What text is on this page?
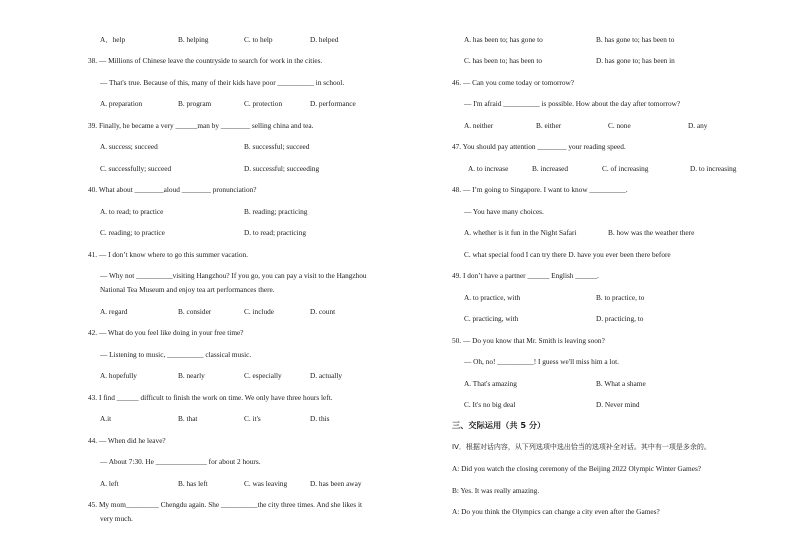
A．help	B. helping	C. to help	D. helped
38. — Millions of Chinese leave the countryside to search for work in the cities.
— That's true. Because of this, many of their kids have poor __________ in school.
A. preparation	B. program	C. protection	D. performance
39. Finally, he became a very ______man by ________ selling china and tea.
A. success; succeed	B. successful; succeed
C. successfully; succeed	D. successful; succeeding
40. What about ________aloud ________ pronunciation?
A. to read; to practice	B. reading; practicing
C. reading; to practice	D. to read; practicing
41. — I don’t know where to go this summer vacation.
— Why not __________visiting Hangzhou? If you go, you can pay a visit to the Hangzhou
National Tea Museum and enjoy tea art performances there.
A. regard	B. consider	C. include	D. count
42. — What do you feel like doing in your free time?
— Listening to music, __________ classical music.
A. hopefully	B. nearly	C. especially	D. actually
43. I find ______ difficult to finish the work on time. We only have three hours left.
A.it	B. that	C. it's	D. this
44. — When did he leave?
— About 7:30. He ______________ for about 2 hours.
A. left	B. has left	C. was leaving	D. has been away
45. My mom_________ Chengdu again. She __________the city three times. And she likes it
very much.
A. has been to; has gone to	B. has gone to; has been to
C. has been to; has been to	D. has gone to; has been in
46. — Can you come today or tomorrow?
— I'm afraid __________ is possible. How about the day after tomorrow?
A. neither	B. either	C. none	D. any
47. You should pay attention ________ your reading speed.
A. to increase	B. increased	C. of increasing	D. to increasing
48. — I’m going to Singapore. I want to know __________.
— You have many choices.
A. whether is it fun in the Night Safari	B. how was the weather there
C. what special food I can try there D. have you ever been there before
49. I don’t have a partner ______ English ______.
A. to practice, with	B. to practice, to
C. practicing, with	D. practicing, to
50. — Do you know that Mr. Smith is leaving soon?
— Oh, no! __________! I guess we'll miss him a lot.
A. That's amazing	B. What a shame
C. It's no big deal	D. Never mind
三、交际运用（共 5 分）
IV．根据对话内容，从下列选项中选出恰当的选项补全对话。其中有一项是多余的。
A: Did you watch the closing ceremony of the Beijing 2022 Olympic Winter Games?
B: Yes. It was really amazing.
A: Do you think the Olympics can change a city even after the Games?
